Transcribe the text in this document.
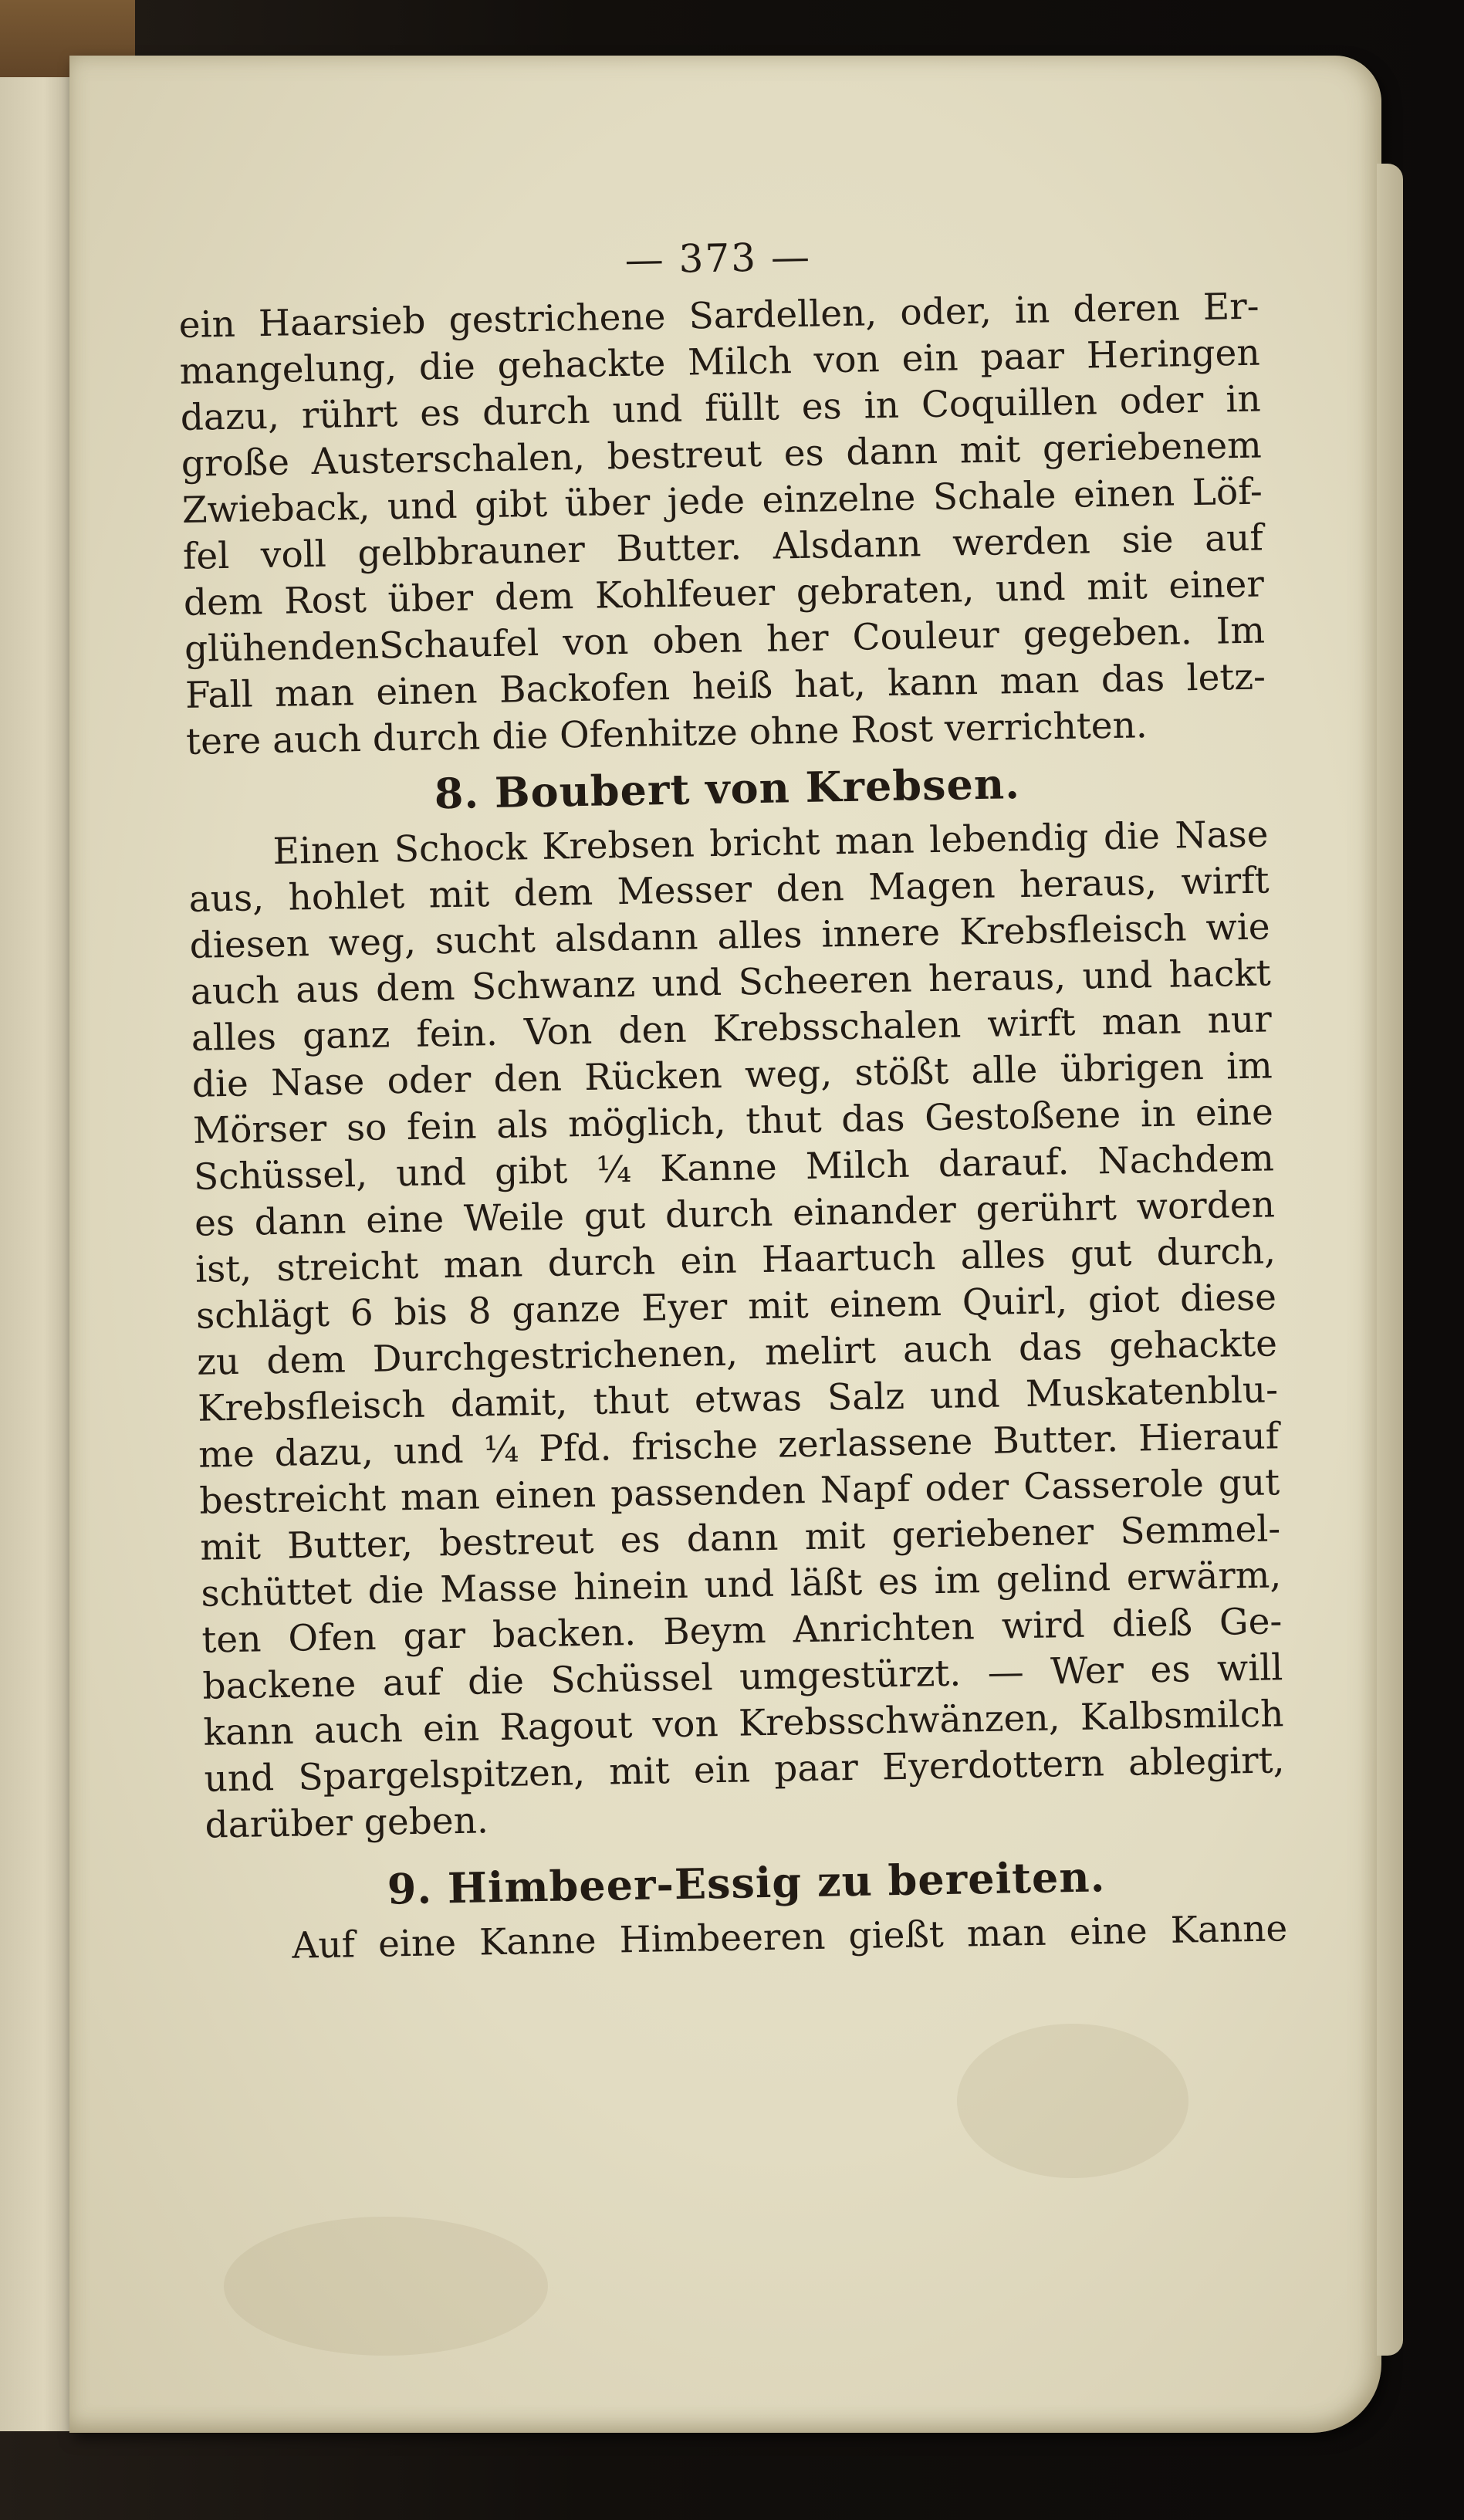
— 373 —
ein Haarsieb gestrichene Sardellen, oder, in deren Er-
mangelung, die gehackte Milch von ein paar Heringen
dazu, rührt es durch und füllt es in Coquillen oder in
große Austerschalen, bestreut es dann mit geriebenem
Zwieback, und gibt über jede einzelne Schale einen Löf-
fel voll gelbbrauner Butter. Alsdann werden sie auf
dem Rost über dem Kohlfeuer gebraten, und mit einer
glühendenSchaufel von oben her Couleur gegeben. Im
Fall man einen Backofen heiß hat, kann man das letz-
tere auch durch die Ofenhitze ohne Rost verrichten.
8. Boubert von Krebsen.
Einen Schock Krebsen bricht man lebendig die Nase
aus, hohlet mit dem Messer den Magen heraus, wirft
diesen weg, sucht alsdann alles innere Krebsfleisch wie
auch aus dem Schwanz und Scheeren heraus, und hackt
alles ganz fein. Von den Krebsschalen wirft man nur
die Nase oder den Rücken weg, stößt alle übrigen im
Mörser so fein als möglich, thut das Gestoßene in eine
Schüssel, und gibt ¼ Kanne Milch darauf. Nachdem
es dann eine Weile gut durch einander gerührt worden
ist, streicht man durch ein Haartuch alles gut durch,
schlägt 6 bis 8 ganze Eyer mit einem Quirl, giot diese
zu dem Durchgestrichenen, melirt auch das gehackte
Krebsfleisch damit, thut etwas Salz und Muskatenblu-
me dazu, und ¼ Pfd. frische zerlassene Butter. Hierauf
bestreicht man einen passenden Napf oder Casserole gut
mit Butter, bestreut es dann mit geriebener Semmel-
schüttet die Masse hinein und läßt es im gelind erwärm,
ten Ofen gar backen. Beym Anrichten wird dieß Ge-
backene auf die Schüssel umgestürzt. — Wer es will
kann auch ein Ragout von Krebsschwänzen, Kalbsmilch
und Spargelspitzen, mit ein paar Eyerdottern ablegirt,
darüber geben.
9. Himbeer-Essig zu bereiten.
Auf eine Kanne Himbeeren gießt man eine Kanne
